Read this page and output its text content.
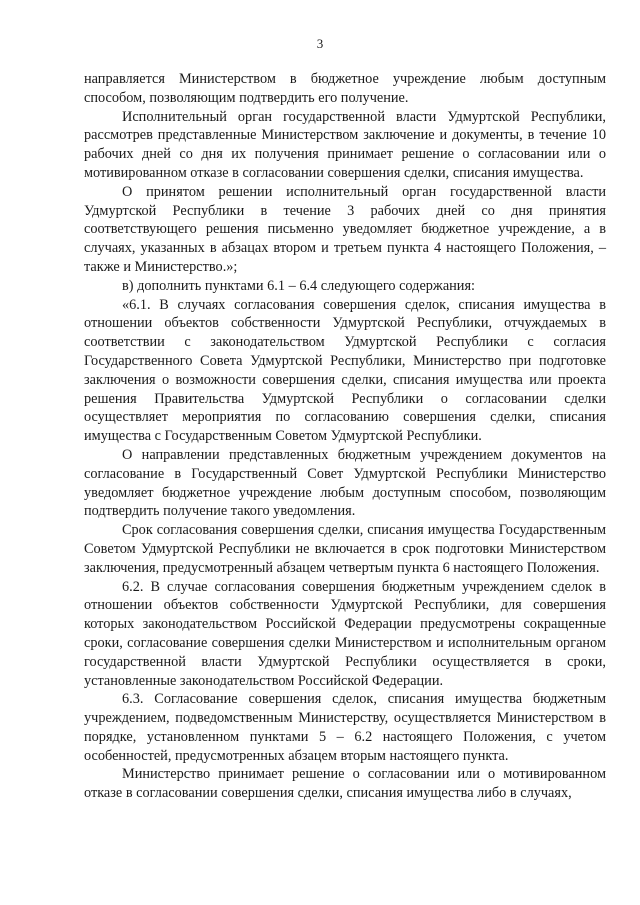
3

направляется Министерством в бюджетное учреждение любым доступным способом, позволяющим подтвердить его получение.

Исполнительный орган государственной власти Удмуртской Республики, рассмотрев представленные Министерством заключение и документы, в течение 10 рабочих дней со дня их получения принимает решение о согласовании или о мотивированном отказе в согласовании совершения сделки, списания имущества.

О принятом решении исполнительный орган государственной власти Удмуртской Республики в течение 3 рабочих дней со дня принятия соответствующего решения письменно уведомляет бюджетное учреждение, а в случаях, указанных в абзацах втором и третьем пункта 4 настоящего Положения, – также и Министерство.»;

в) дополнить пунктами 6.1 – 6.4 следующего содержания:

«6.1. В случаях согласования совершения сделок, списания имущества в отношении объектов собственности Удмуртской Республики, отчуждаемых в соответствии с законодательством Удмуртской Республики с согласия Государственного Совета Удмуртской Республики, Министерство при подготовке заключения о возможности совершения сделки, списания имущества или проекта решения Правительства Удмуртской Республики о согласовании сделки осуществляет мероприятия по согласованию совершения сделки, списания имущества с Государственным Советом Удмуртской Республики.

О направлении представленных бюджетным учреждением документов на согласование в Государственный Совет Удмуртской Республики Министерство уведомляет бюджетное учреждение любым доступным способом, позволяющим подтвердить получение такого уведомления.

Срок согласования совершения сделки, списания имущества Государственным Советом Удмуртской Республики не включается в срок подготовки Министерством заключения, предусмотренный абзацем четвертым пункта 6 настоящего Положения.

6.2. В случае согласования совершения бюджетным учреждением сделок в отношении объектов собственности Удмуртской Республики, для совершения которых законодательством Российской Федерации предусмотрены сокращенные сроки, согласование совершения сделки Министерством и исполнительным органом государственной власти Удмуртской Республики осуществляется в сроки, установленные законодательством Российской Федерации.

6.3. Согласование совершения сделок, списания имущества бюджетным учреждением, подведомственным Министерству, осуществляется Министерством в порядке, установленном пунктами 5 – 6.2 настоящего Положения, с учетом особенностей, предусмотренных абзацем вторым настоящего пункта.

Министерство принимает решение о согласовании или о мотивированном отказе в согласовании совершения сделки, списания имущества либо в случаях,
